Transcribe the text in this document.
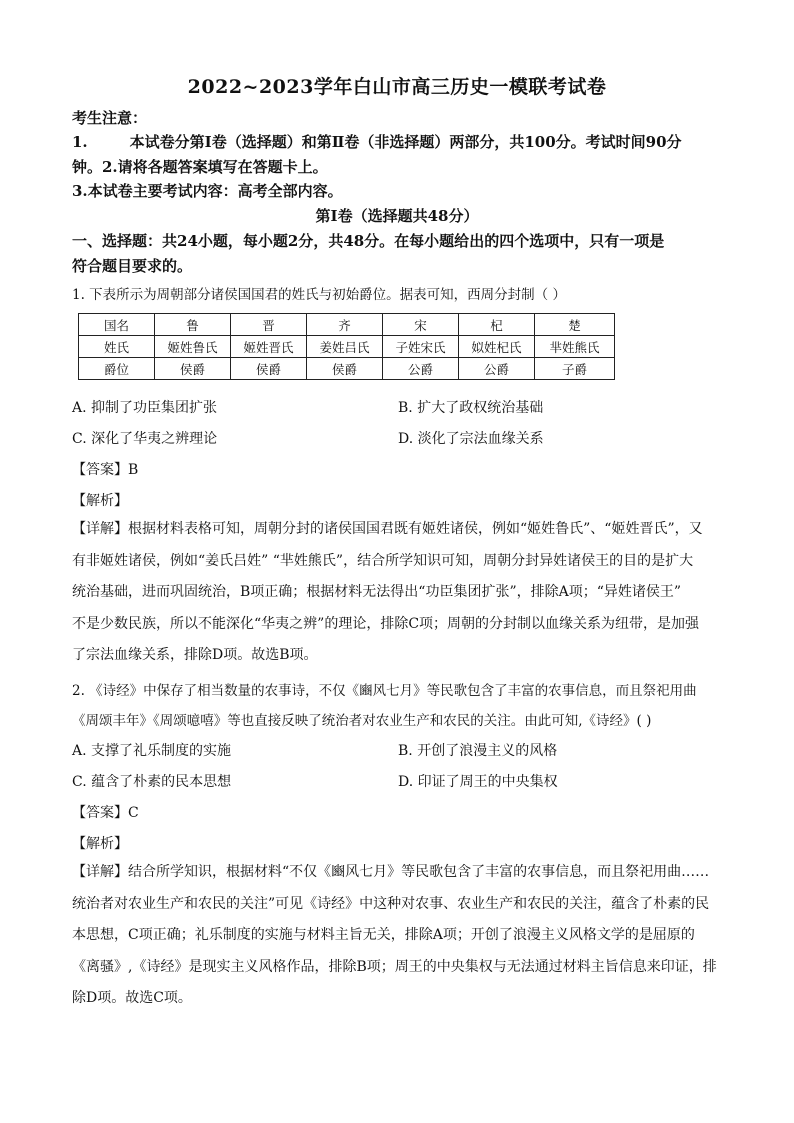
2022~2023学年白山市高三历史一模联考试卷
考生注意：
1.	本试卷分第Ⅰ卷（选择题）和第Ⅱ卷（非选择题）两部分，共100分。考试时间90分
钟。2.请将各题答案填写在答题卡上。
3.本试卷主要考试内容：高考全部内容。
第Ⅰ卷（选择题共48分）
一、选择题：共24小题，每小题2分，共48分。在每小题给出的四个选项中，只有一项是
符合题目要求的。
1. 下表所示为周朝部分诸侯国国君的姓氏与初始爵位。据表可知，西周分封制（ ）
国名	鲁	晋	齐	宋	杞	楚
姓氏	姬姓鲁氏	姬姓晋氏	姜姓吕氏	子姓宋氏	姒姓杞氏	芈姓熊氏
爵位	侯爵	侯爵	侯爵	公爵	公爵	子爵
A. 抑制了功臣集团扩张	B. 扩大了政权统治基础
C. 深化了华夷之辨理论	D. 淡化了宗法血缘关系
【答案】B
【解析】
【详解】根据材料表格可知，周朝分封的诸侯国国君既有姬姓诸侯，例如“姬姓鲁氏”、“姬姓晋氏”，又
有非姬姓诸侯，例如“姜氏吕姓” “芈姓熊氏”，结合所学知识可知，周朝分封异姓诸侯王的目的是扩大
统治基础，进而巩固统治，B项正确；根据材料无法得出“功臣集团扩张”，排除A项；“异姓诸侯王”
不是少数民族，所以不能深化“华夷之辨”的理论，排除C项；周朝的分封制以血缘关系为纽带，是加强
了宗法血缘关系，排除D项。故选B项。
2. 《诗经》中保存了相当数量的农事诗，不仅《豳风七月》等民歌包含了丰富的农事信息，而且祭祀用曲
《周颂丰年》《周颂噫嘻》等也直接反映了统治者对农业生产和农民的关注。由此可知,《诗经》( )
A. 支撑了礼乐制度的实施	B. 开创了浪漫主义的风格
C. 蕴含了朴素的民本思想	D. 印证了周王的中央集权
【答案】C
【解析】
【详解】结合所学知识，根据材料“不仅《豳风七月》等民歌包含了丰富的农事信息，而且祭祀用曲……
统治者对农业生产和农民的关注”可见《诗经》中这种对农事、农业生产和农民的关注，蕴含了朴素的民
本思想，C项正确；礼乐制度的实施与材料主旨无关，排除A项；开创了浪漫主义风格文学的是屈原的
《离骚》,《诗经》是现实主义风格作品，排除B项；周王的中央集权与无法通过材料主旨信息来印证，排
除D项。故选C项。
